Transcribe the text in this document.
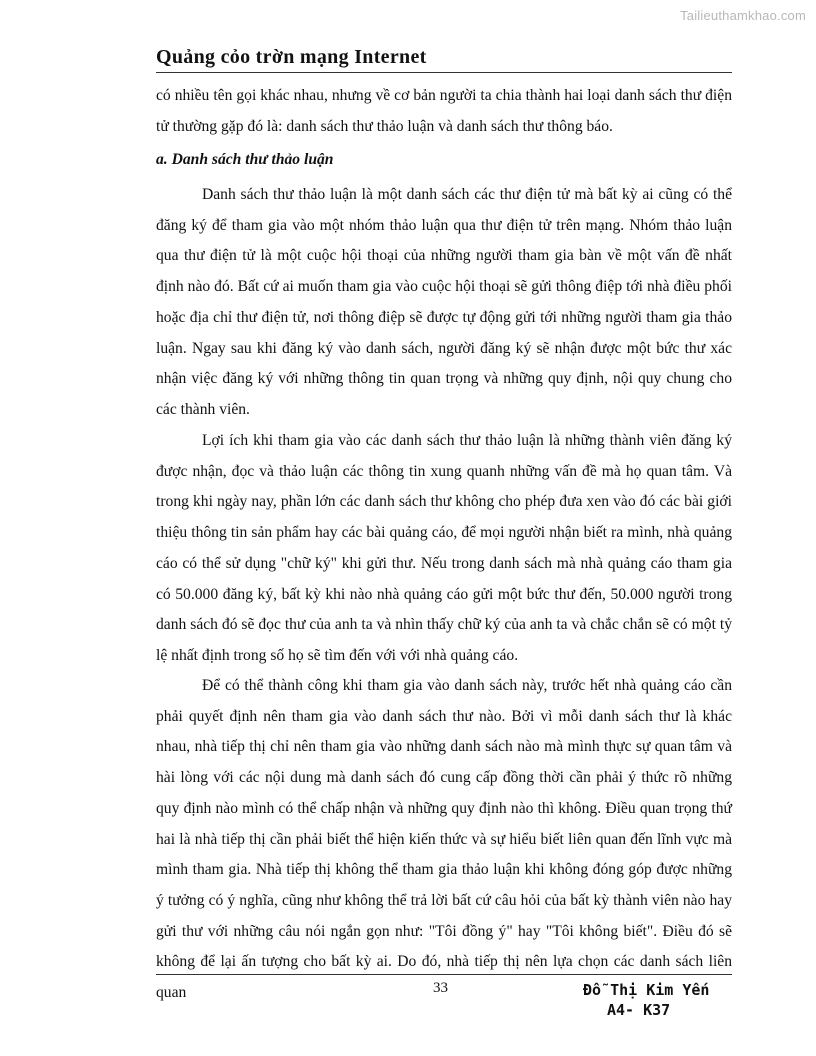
Tailieuthamkhao.com
Quảng cỏo trờn mạng Internet

có nhiều tên gọi khác nhau, nhưng về cơ bản người ta chia thành hai loại danh sách thư điện tử thường gặp đó là: danh sách thư thảo luận và danh sách thư thông báo.

a. Danh sách thư thảo luận

Danh sách thư thảo luận là một danh sách các thư điện tử mà bất kỳ ai cũng có thể đăng ký để tham gia vào một nhóm thảo luận qua thư điện tử trên mạng. Nhóm thảo luận qua thư điện tử là một cuộc hội thoại của những người tham gia bàn về một vấn đề nhất định nào đó. Bất cứ ai muốn tham gia vào cuộc hội thoại sẽ gửi thông điệp tới nhà điều phối hoặc địa chỉ thư điện tử, nơi thông điệp sẽ được tự động gửi tới những người tham gia thảo luận. Ngay sau khi đăng ký vào danh sách, người đăng ký sẽ nhận được một bức thư xác nhận việc đăng ký với những thông tin quan trọng và những quy định, nội quy chung cho các thành viên.

Lợi ích khi tham gia vào các danh sách thư thảo luận là những thành viên đăng ký được nhận, đọc và thảo luận các thông tin xung quanh những vấn đề mà họ quan tâm. Và trong khi ngày nay, phần lớn các danh sách thư không cho phép đưa xen vào đó các bài giới thiệu thông tin sản phẩm hay các bài quảng cáo, để mọi người nhận biết ra mình, nhà quảng cáo có thể sử dụng "chữ ký" khi gửi thư. Nếu trong danh sách mà nhà quảng cáo tham gia có 50.000 đăng ký, bất kỳ khi nào nhà quảng cáo gửi một bức thư đến, 50.000 người trong danh sách đó sẽ đọc thư của anh ta và nhìn thấy chữ ký của anh ta và chắc chắn sẽ có một tỷ lệ nhất định trong số họ sẽ tìm đến với với nhà quảng cáo.

Để có thể thành công khi tham gia vào danh sách này, trước hết nhà quảng cáo cần phải quyết định nên tham gia vào danh sách thư nào. Bởi vì mỗi danh sách thư là khác nhau, nhà tiếp thị chỉ nên tham gia vào những danh sách nào mà mình thực sự quan tâm và hài lòng với các nội dung mà danh sách đó cung cấp đồng thời cần phải ý thức rõ những quy định nào mình có thể chấp nhận và những quy định nào thì không. Điều quan trọng thứ hai là nhà tiếp thị cần phải biết thể hiện kiến thức và sự hiểu biết liên quan đến lĩnh vực mà mình tham gia. Nhà tiếp thị không thể tham gia thảo luận khi không đóng góp được những ý tưởng có ý nghĩa, cũng như không thể trả lời bất cứ câu hỏi của bất kỳ thành viên nào hay gửi thư với những câu nói ngắn gọn như: "Tôi đồng ý" hay "Tôi không biết". Điều đó sẽ không để lại ấn tượng cho bất kỳ ai. Do đó, nhà tiếp thị nên lựa chọn các danh sách liên quan	33	Đỗ Thị Kim Yến
A4- K37
